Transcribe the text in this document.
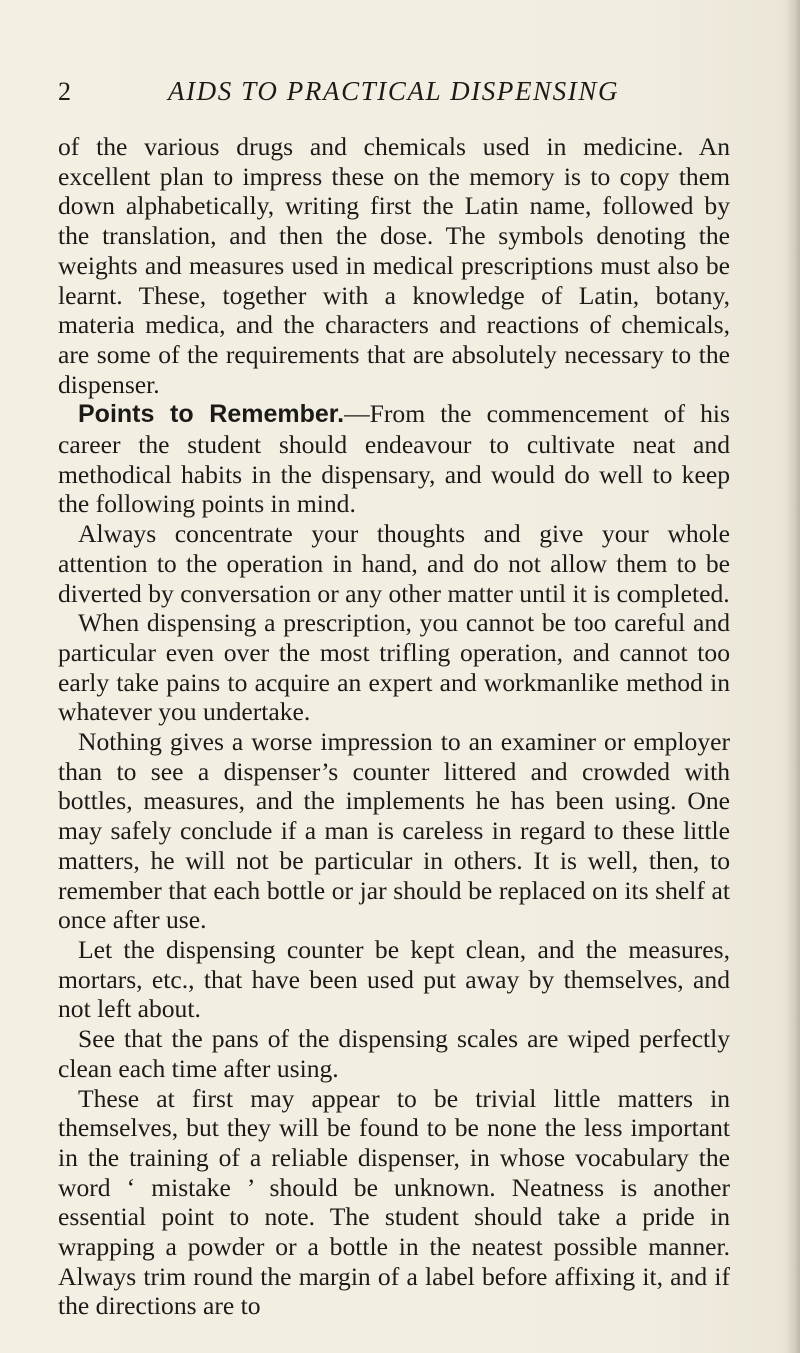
2	AIDS TO PRACTICAL DISPENSING

of the various drugs and chemicals used in medicine. An excellent plan to impress these on the memory is to copy them down alphabetically, writing first the Latin name, followed by the translation, and then the dose. The symbols denoting the weights and measures used in medical prescriptions must also be learnt. These, together with a knowledge of Latin, botany, materia medica, and the characters and reactions of chemicals, are some of the requirements that are absolutely necessary to the dispenser.

Points to Remember.—From the commencement of his career the student should endeavour to cultivate neat and methodical habits in the dispensary, and would do well to keep the following points in mind.

Always concentrate your thoughts and give your whole attention to the operation in hand, and do not allow them to be diverted by conversation or any other matter until it is completed.

When dispensing a prescription, you cannot be too careful and particular even over the most trifling operation, and cannot too early take pains to acquire an expert and workmanlike method in whatever you undertake.

Nothing gives a worse impression to an examiner or employer than to see a dispenser’s counter littered and crowded with bottles, measures, and the implements he has been using. One may safely conclude if a man is careless in regard to these little matters, he will not be particular in others. It is well, then, to remember that each bottle or jar should be replaced on its shelf at once after use.

Let the dispensing counter be kept clean, and the measures, mortars, etc., that have been used put away by themselves, and not left about.

See that the pans of the dispensing scales are wiped perfectly clean each time after using.

These at first may appear to be trivial little matters in themselves, but they will be found to be none the less important in the training of a reliable dispenser, in whose vocabulary the word ‘ mistake ’ should be unknown. Neatness is another essential point to note. The student should take a pride in wrapping a powder or a bottle in the neatest possible manner. Always trim round the margin of a label before affixing it, and if the directions are to
